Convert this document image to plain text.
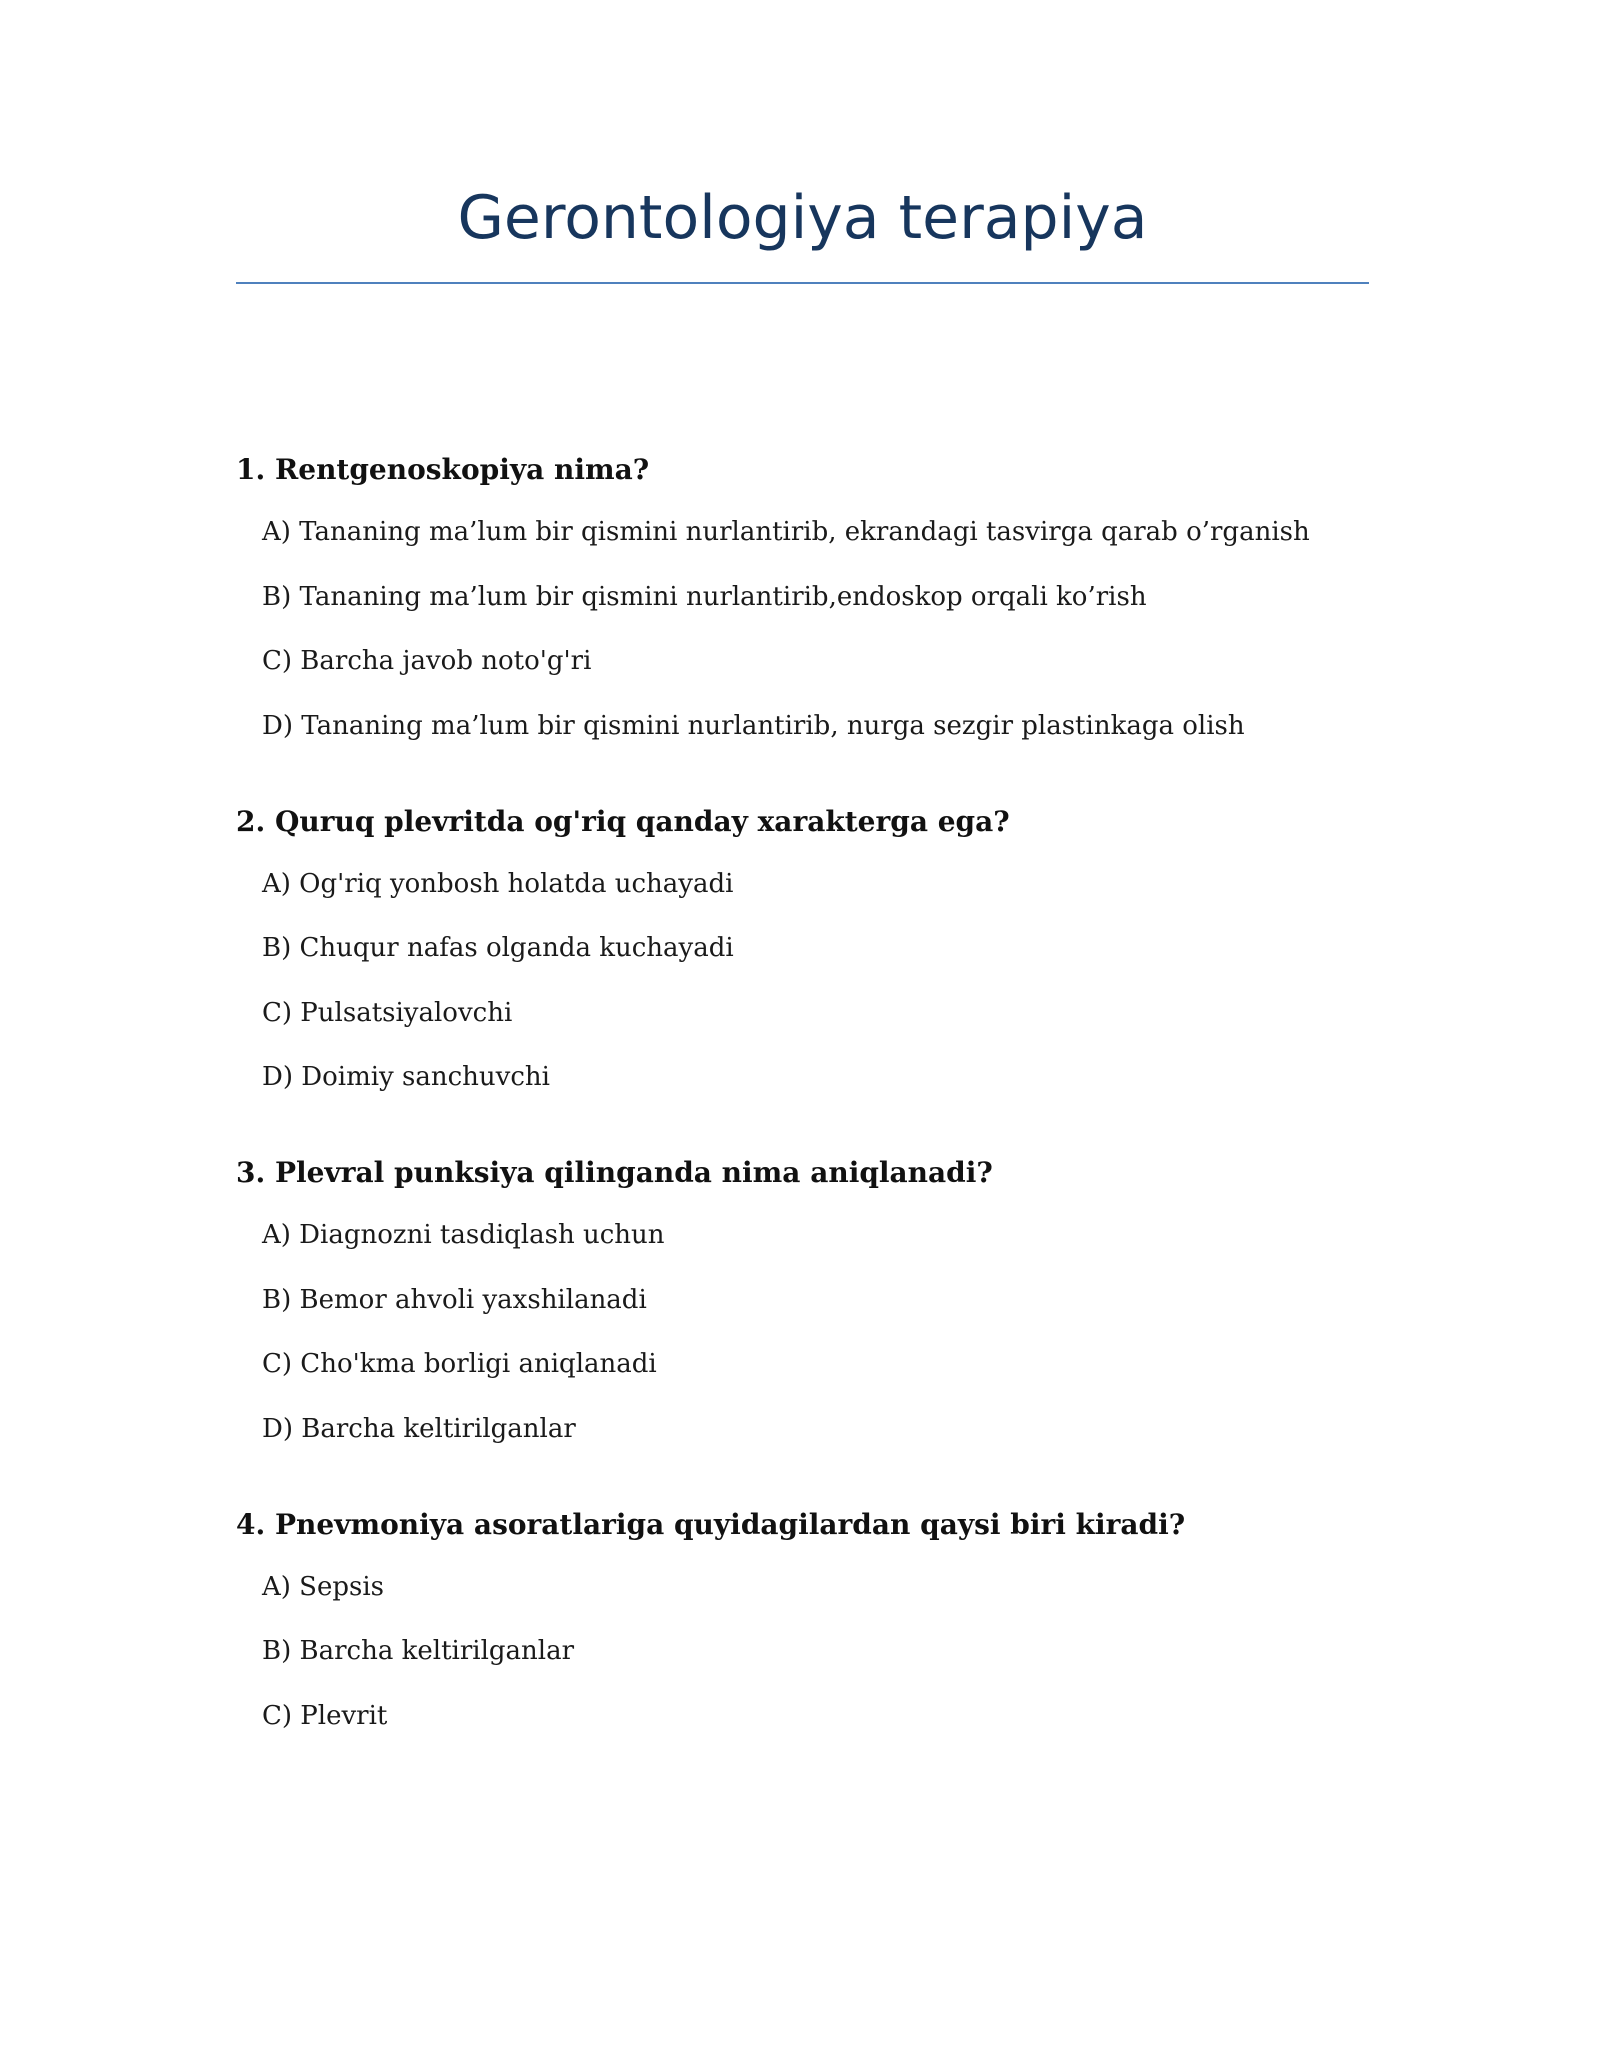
Gerontologiya terapiya
1. Rentgenoskopiya nima?
A) Tananing ma’lum bir qismini nurlantirib, ekrandagi tasvirga qarab o’rganish
B) Tananing ma’lum bir qismini nurlantirib,endoskop orqali ko’rish
C) Barcha javob noto'g'ri
D) Tananing ma’lum bir qismini nurlantirib, nurga sezgir plastinkaga olish
2. Quruq plevritda og'riq qanday xarakterga ega?
A) Og'riq yonbosh holatda uchayadi
B) Chuqur nafas olganda kuchayadi
C) Pulsatsiyalovchi
D) Doimiy sanchuvchi
3. Plevral punksiya qilinganda nima aniqlanadi?
A) Diagnozni tasdiqlash uchun
B) Bemor ahvoli yaxshilanadi
C) Cho'kma borligi aniqlanadi
D) Barcha keltirilganlar
4. Pnevmoniya asoratlariga quyidagilardan qaysi biri kiradi?
A) Sepsis
B) Barcha keltirilganlar
C) Plevrit
